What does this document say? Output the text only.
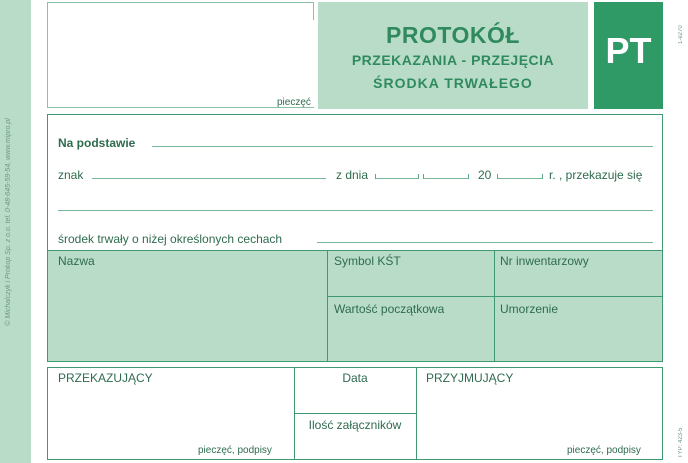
© Michalczyk i Prokop Sp. z o.o. tel. 0-48-645-59-54, www.mipro.pl
1-e270
TYP: 423-5
pieczęć
PROTOKÓŁ
PRZEKAZANIA - PRZEJĘCIA
ŚRODKA TRWAŁEGO
PT
Na podstawie
znak	z dnia	20	r. , przekazuje się
środek trwały o niżej określonych cechach
Nazwa	Symbol KŚT	Nr inwentarzowy
Wartość początkowa	Umorzenie
PRZEKAZUJĄCY	Data	PRZYJMUJĄCY
Ilość załączników
pieczęć, podpisy	pieczęć, podpisy
